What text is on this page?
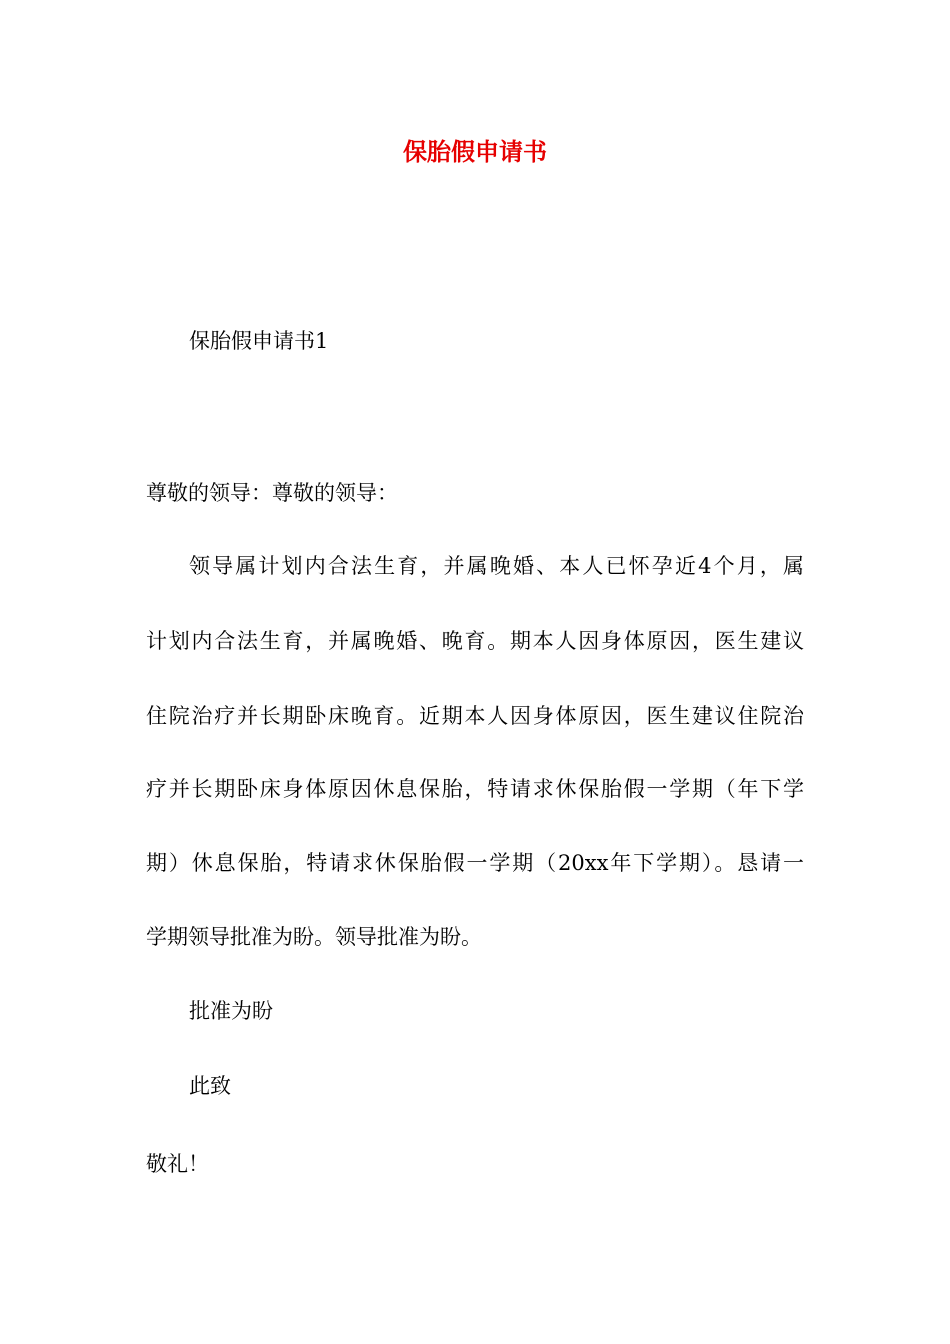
保胎假申请书
保胎假申请书1
尊敬的领导：尊敬的领导：
领导属计划内合法生育，并属晚婚、本人已怀孕近4个月，属
计划内合法生育，并属晚婚、晚育。期本人因身体原因，医生建议
住院治疗并长期卧床晚育。近期本人因身体原因，医生建议住院治
疗并长期卧床身体原因休息保胎，特请求休保胎假一学期（年下学
期）休息保胎，特请求休保胎假一学期（20xx年下学期）。恳请一
学期领导批准为盼。领导批准为盼。
批准为盼
此致
敬礼！
